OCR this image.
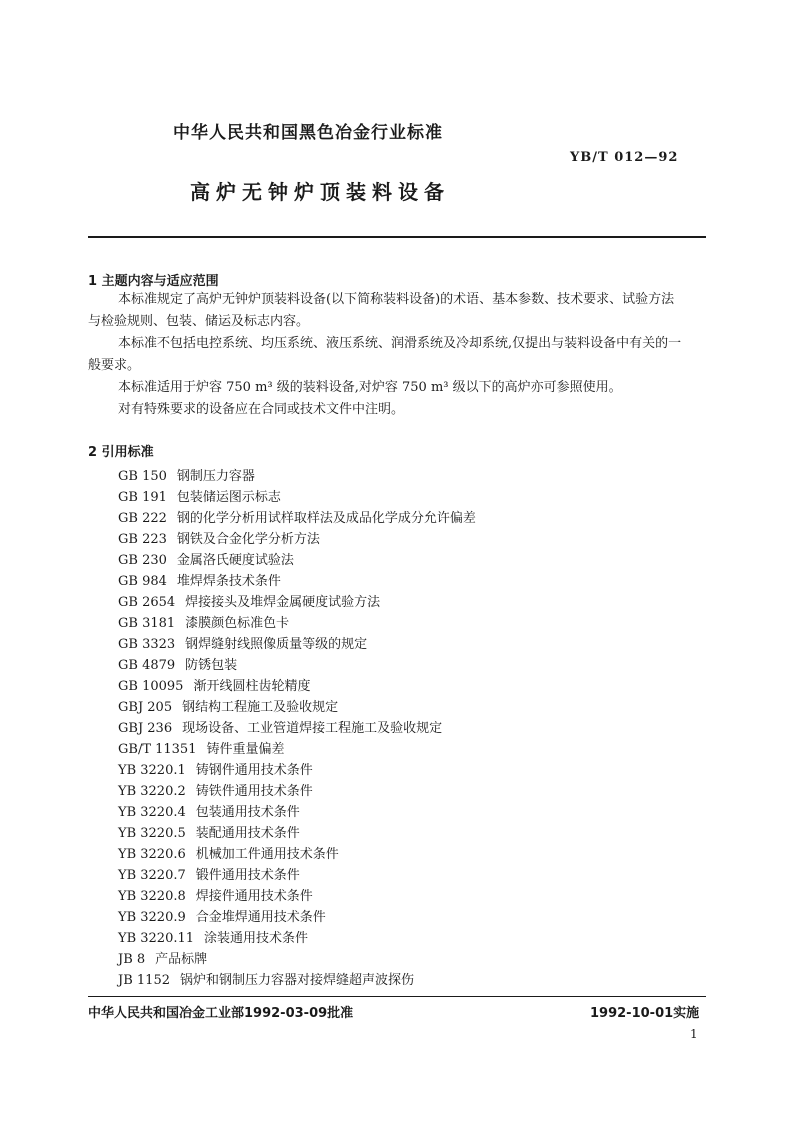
中华人民共和国黑色冶金行业标准
YB/T 012—92
高炉无钟炉顶装料设备
1 主题内容与适应范围

本标准规定了高炉无钟炉顶装料设备(以下简称装料设备)的术语、基本参数、技术要求、试验方法

与检验规则、包装、储运及标志内容。

本标准不包括电控系统、均压系统、液压系统、润滑系统及冷却系统,仅提出与装料设备中有关的一

般要求。

本标准适用于炉容 750 m³ 级的装料设备,对炉容 750 m³ 级以下的高炉亦可参照使用。

对有特殊要求的设备应在合同或技术文件中注明。

2 引用标准
GB 150 钢制压力容器
GB 191 包装储运图示标志
GB 222 钢的化学分析用试样取样法及成品化学成分允许偏差
GB 223 钢铁及合金化学分析方法
GB 230 金属洛氏硬度试验法
GB 984 堆焊焊条技术条件
GB 2654 焊接接头及堆焊金属硬度试验方法
GB 3181 漆膜颜色标准色卡
GB 3323 钢焊缝射线照像质量等级的规定
GB 4879 防锈包装
GB 10095 渐开线圆柱齿轮精度
GBJ 205 钢结构工程施工及验收规定
GBJ 236 现场设备、工业管道焊接工程施工及验收规定
GB/T 11351 铸件重量偏差
YB 3220.1 铸钢件通用技术条件
YB 3220.2 铸铁件通用技术条件
YB 3220.4 包装通用技术条件
YB 3220.5 装配通用技术条件
YB 3220.6 机械加工件通用技术条件
YB 3220.7 锻件通用技术条件
YB 3220.8 焊接件通用技术条件
YB 3220.9 合金堆焊通用技术条件
YB 3220.11 涂装通用技术条件
JB 8 产品标牌
JB 1152 锅炉和钢制压力容器对接焊缝超声波探伤
中华人民共和国冶金工业部1992-03-09批准	1992-10-01实施
1
